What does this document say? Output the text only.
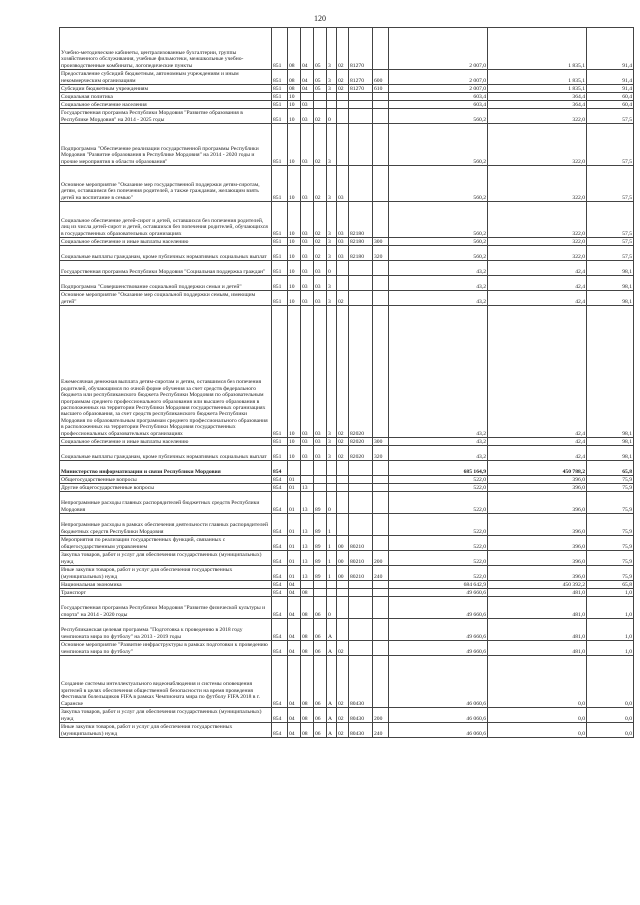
120
Учебно-методические кабинеты, централизованные бухгалтерии, группы хозяйственного обслуживания, учебные фильмотеки, межшкольные учебно-производственные комбинаты, логопедические пункты	851	08	04	05	3	02	81270		2 007,0	1 835,1	91,4
Предоставление субсидий бюджетным, автономным учреждениям и иным некоммерческим организациям	851	08	04	05	3	02	81270	600	2 007,0	1 835,1	91,4
Субсидии бюджетным учреждениям	851	08	04	05	3	02	81270	610	2 007,0	1 835,1	91,4
Социальная политика	851	10							603,4	364,4	60,4
Социальное обеспечение населения	851	10	03						603,4	364,4	60,4
Государственная программа Республики Мордовия "Развитие образования в Республике Мордовия" на 2014 - 2025 годы	851	10	03	02	0				560,2	322,0	57,5
Подпрограмма "Обеспечение реализации государственной программы Республики Мордовия "Развитие образования в Республике Мордовия" на 2014 - 2020 годы и прочие мероприятия в области образования"	851	10	03	02	3				560,2	322,0	57,5
Основное мероприятие "Оказание мер государственной поддержки детям-сиротам, детям, оставшимся без попечения родителей, а также гражданам, желающим взять детей на воспитание в семью"	851	10	03	02	3	03			560,2	322,0	57,5
Социальное обеспечение детей-сирот и детей, оставшихся без попечения родителей, лиц из числа детей-сирот и детей, оставшихся без попечения родителей, обучающихся в государственных образовательных организациях	851	10	03	02	3	03	82180		560,2	322,0	57,5
Социальное обеспечение и иные выплаты населению	851	10	03	02	3	03	82180	300	560,2	322,0	57,5
Социальные выплаты гражданам, кроме публичных нормативных социальных выплат	851	10	03	02	3	03	82180	320	560,2	322,0	57,5
Государственная программа Республики Мордовия "Социальная поддержка граждан"	851	10	03	03	0				43,2	42,4	98,1
Подпрограмма "Совершенствование социальной поддержки семьи и детей"	851	10	03	03	3				43,2	42,4	98,1
Основное мероприятие "Оказание мер социальной поддержки семьям, имеющим детей"	851	10	03	03	3	02			43,2	42,4	98,1
Ежемесячная денежная выплата детям-сиротам и детям, оставшимся без попечения родителей, обучающимся по очной форме обучения за счет средств федерального бюджета или республиканского бюджета Республики Мордовия по образовательным программам среднего профессионального образования или высшего образования в расположенных на территории Республики Мордовия государственных организациях высшего образования, за счет средств республиканского бюджета Республики Мордовия по образовательным программам среднего профессионального образования в расположенных на территории Республики Мордовия государственных профессиональных образовательных организациях	851	10	03	03	3	02	82020		43,2	42,4	98,1
Социальное обеспечение и иные выплаты населению	851	10	03	03	3	02	82020	300	43,2	42,4	98,1
Социальные выплаты гражданам, кроме публичных нормативных социальных выплат	851	10	03	03	3	02	82020	320	43,2	42,4	98,1
Министерство информатизации и связи Республики Мордовия	854								685 164,9	450 788,2	65,8
Общегосударственные вопросы	854	01							522,0	396,0	75,9
Другие общегосударственные вопросы	854	01	13						522,0	396,0	75,9
Непрограммные расходы главных распорядителей бюджетных средств Республики Мордовия	854	01	13	89	0				522,0	396,0	75,9
Непрограммные расходы в рамках обеспечения деятельности главных распорядителей бюджетных средств Республики Мордовия	854	01	13	89	1				522,0	396,0	75,9
Мероприятия по реализации государственных функций, связанных с общегосударственным управлением	854	01	13	89	1	00	80210		522,0	396,0	75,9
Закупка товаров, работ и услуг для обеспечения государственных (муниципальных) нужд	854	01	13	89	1	00	80210	200	522,0	396,0	75,9
Иные закупки товаров, работ и услуг для обеспечения государственных (муниципальных) нужд	854	01	13	89	1	00	80210	240	522,0	396,0	75,9
Национальная экономика	854	04							684 642,9	450 392,2	65,8
Транспорт	854	04	08						49 660,6	481,0	1,0
Государственная программа Республики Мордовия "Развитие физической культуры и спорта" на 2014 - 2020 годы	854	04	08	06	0				49 660,6	481,0	1,0
Республиканская целевая программа "Подготовка к проведению в 2018 году чемпионата мира по футболу" на 2013 - 2019 годы	854	04	08	06	А				49 660,6	481,0	1,0
Основное мероприятие "Развитие инфраструктуры в рамках подготовки к проведению чемпионата мира по футболу"	854	04	08	06	А	02			49 660,6	481,0	1,0
Создание системы интеллектуального видеонаблюдения и системы оповещения зрителей в целях обеспечения общественной безопасности на время проведения Фестиваля болельщиков FIFA в рамках Чемпионата мира по футболу FIFA 2018 в г. Саранске	854	04	08	06	А	02	80430		46 060,6	0,0	0,0
Закупка товаров, работ и услуг для обеспечения государственных (муниципальных) нужд	854	04	08	06	А	02	80430	200	46 060,6	0,0	0,0
Иные закупки товаров, работ и услуг для обеспечения государственных (муниципальных) нужд	854	04	08	06	А	02	80430	240	46 060,6	0,0	0,0
